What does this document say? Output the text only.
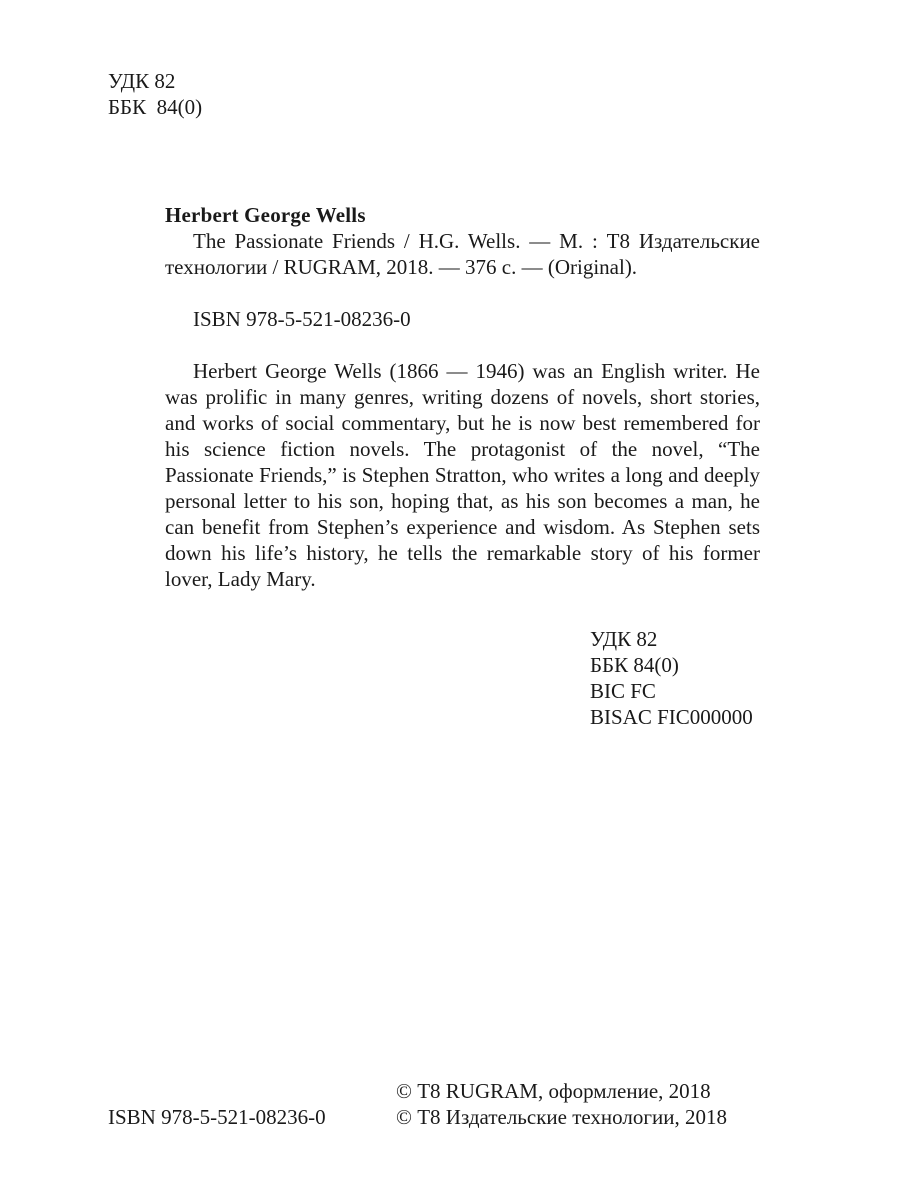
УДК 82
ББК  84(0)
Herbert George Wells
The Passionate Friends / H.G. Wells. — М. : Т8 Издательские технологии / RUGRAM, 2018. — 376 с. — (Original).
ISBN 978-5-521-08236-0
Herbert George Wells (1866 — 1946) was an English writer. He was prolific in many genres, writing dozens of novels, short stories, and works of social commentary, but he is now best remembered for his science fiction novels. The protagonist of the novel, “The Passionate Friends,” is Stephen Stratton, who writes a long and deeply personal letter to his son, hoping that, as his son becomes a man, he can benefit from Stephen’s experience and wisdom. As Stephen sets down his life’s history, he tells the remarkable story of his former lover, Lady Mary.
УДК 82
ББК 84(0)
BIC FC
BISAC FIC000000
ISBN 978-5-521-08236-0
© Т8 RUGRAM, оформление, 2018
© Т8 Издательские технологии, 2018
